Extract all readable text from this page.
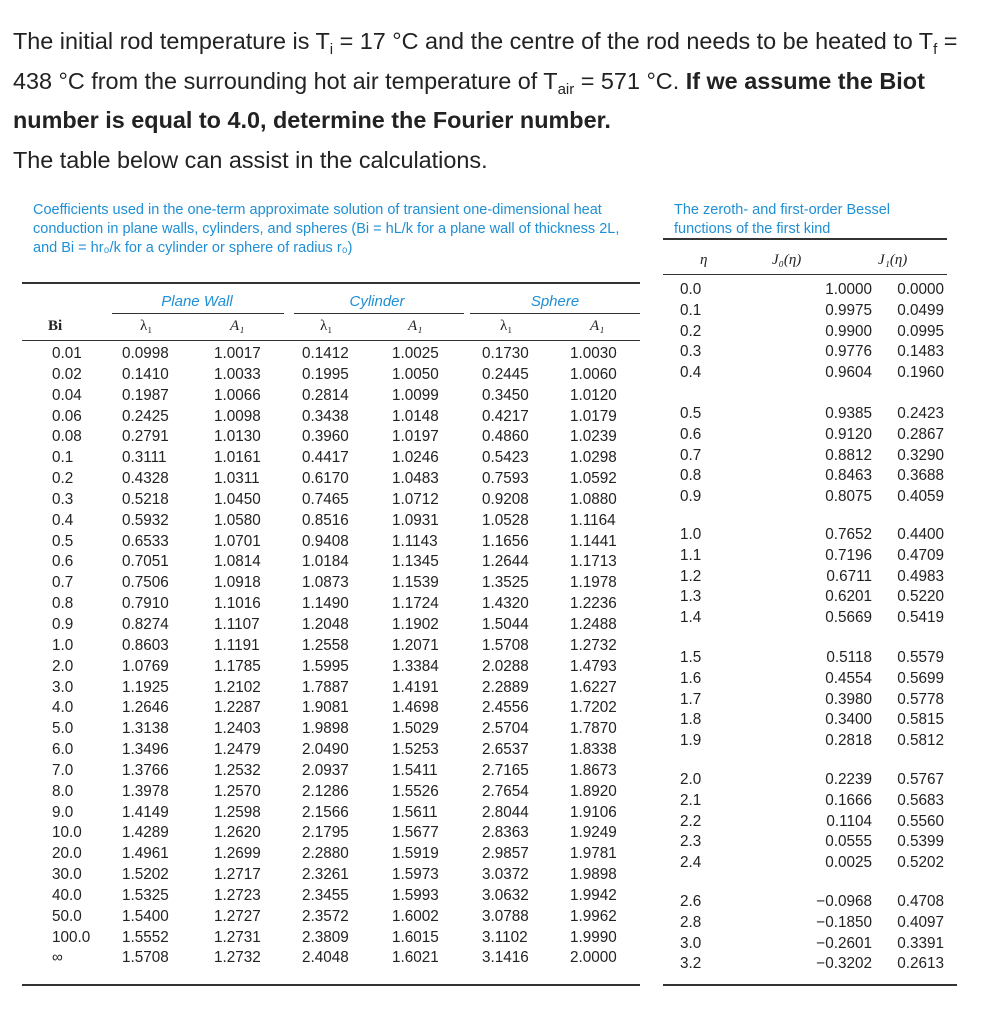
The initial rod temperature is $T_i = 17$ °C and the centre of the rod needs to be heated to $T_f = 438$ °C from the surrounding hot air temperature of $T_{air} = 571$ °C. If we assume the Biot number is equal to 4.0, determine the Fourier number.

The table below can assist in the calculations.

Coefficients used in the one-term approximate solution of transient one-dimensional heat conduction in plane walls, cylinders, and spheres (Bi = hL/k for a plane wall of thickness 2L, and Bi = hr₀/k for a cylinder or sphere of radius r₀)
Plane Wall	Cylinder	Sphere
Bi	λ₁	A₁	λ₁	A₁	λ₁	A₁
0.01	0.0998	1.0017	0.1412	1.0025	0.1730	1.0030
0.02	0.1410	1.0033	0.1995	1.0050	0.2445	1.0060
0.04	0.1987	1.0066	0.2814	1.0099	0.3450	1.0120
0.06	0.2425	1.0098	0.3438	1.0148	0.4217	1.0179
0.08	0.2791	1.0130	0.3960	1.0197	0.4860	1.0239
0.1	0.3111	1.0161	0.4417	1.0246	0.5423	1.0298
0.2	0.4328	1.0311	0.6170	1.0483	0.7593	1.0592
0.3	0.5218	1.0450	0.7465	1.0712	0.9208	1.0880
0.4	0.5932	1.0580	0.8516	1.0931	1.0528	1.1164
0.5	0.6533	1.0701	0.9408	1.1143	1.1656	1.1441
0.6	0.7051	1.0814	1.0184	1.1345	1.2644	1.1713
0.7	0.7506	1.0918	1.0873	1.1539	1.3525	1.1978
0.8	0.7910	1.1016	1.1490	1.1724	1.4320	1.2236
0.9	0.8274	1.1107	1.2048	1.1902	1.5044	1.2488
1.0	0.8603	1.1191	1.2558	1.2071	1.5708	1.2732
2.0	1.0769	1.1785	1.5995	1.3384	2.0288	1.4793
3.0	1.1925	1.2102	1.7887	1.4191	2.2889	1.6227
4.0	1.2646	1.2287	1.9081	1.4698	2.4556	1.7202
5.0	1.3138	1.2403	1.9898	1.5029	2.5704	1.7870
6.0	1.3496	1.2479	2.0490	1.5253	2.6537	1.8338
7.0	1.3766	1.2532	2.0937	1.5411	2.7165	1.8673
8.0	1.3978	1.2570	2.1286	1.5526	2.7654	1.8920
9.0	1.4149	1.2598	2.1566	1.5611	2.8044	1.9106
10.0	1.4289	1.2620	2.1795	1.5677	2.8363	1.9249
20.0	1.4961	1.2699	2.2880	1.5919	2.9857	1.9781
30.0	1.5202	1.2717	2.3261	1.5973	3.0372	1.9898
40.0	1.5325	1.2723	2.3455	1.5993	3.0632	1.9942
50.0	1.5400	1.2727	2.3572	1.6002	3.0788	1.9962
100.0	1.5552	1.2731	2.3809	1.6015	3.1102	1.9990
∞	1.5708	1.2732	2.4048	1.6021	3.1416	2.0000
The zeroth- and first-order Bessel functions of the first kind
η	J₀(η)	J₁(η)
0.0	1.0000	0.0000
0.1	0.9975	0.0499
0.2	0.9900	0.0995
0.3	0.9776	0.1483
0.4	0.9604	0.1960
0.5	0.9385	0.2423
0.6	0.9120	0.2867
0.7	0.8812	0.3290
0.8	0.8463	0.3688
0.9	0.8075	0.4059
1.0	0.7652	0.4400
1.1	0.7196	0.4709
1.2	0.6711	0.4983
1.3	0.6201	0.5220
1.4	0.5669	0.5419
1.5	0.5118	0.5579
1.6	0.4554	0.5699
1.7	0.3980	0.5778
1.8	0.3400	0.5815
1.9	0.2818	0.5812
2.0	0.2239	0.5767
2.1	0.1666	0.5683
2.2	0.1104	0.5560
2.3	0.0555	0.5399
2.4	0.0025	0.5202
2.6	−0.0968	0.4708
2.8	−0.1850	0.4097
3.0	−0.2601	0.3391
3.2	−0.3202	0.2613
